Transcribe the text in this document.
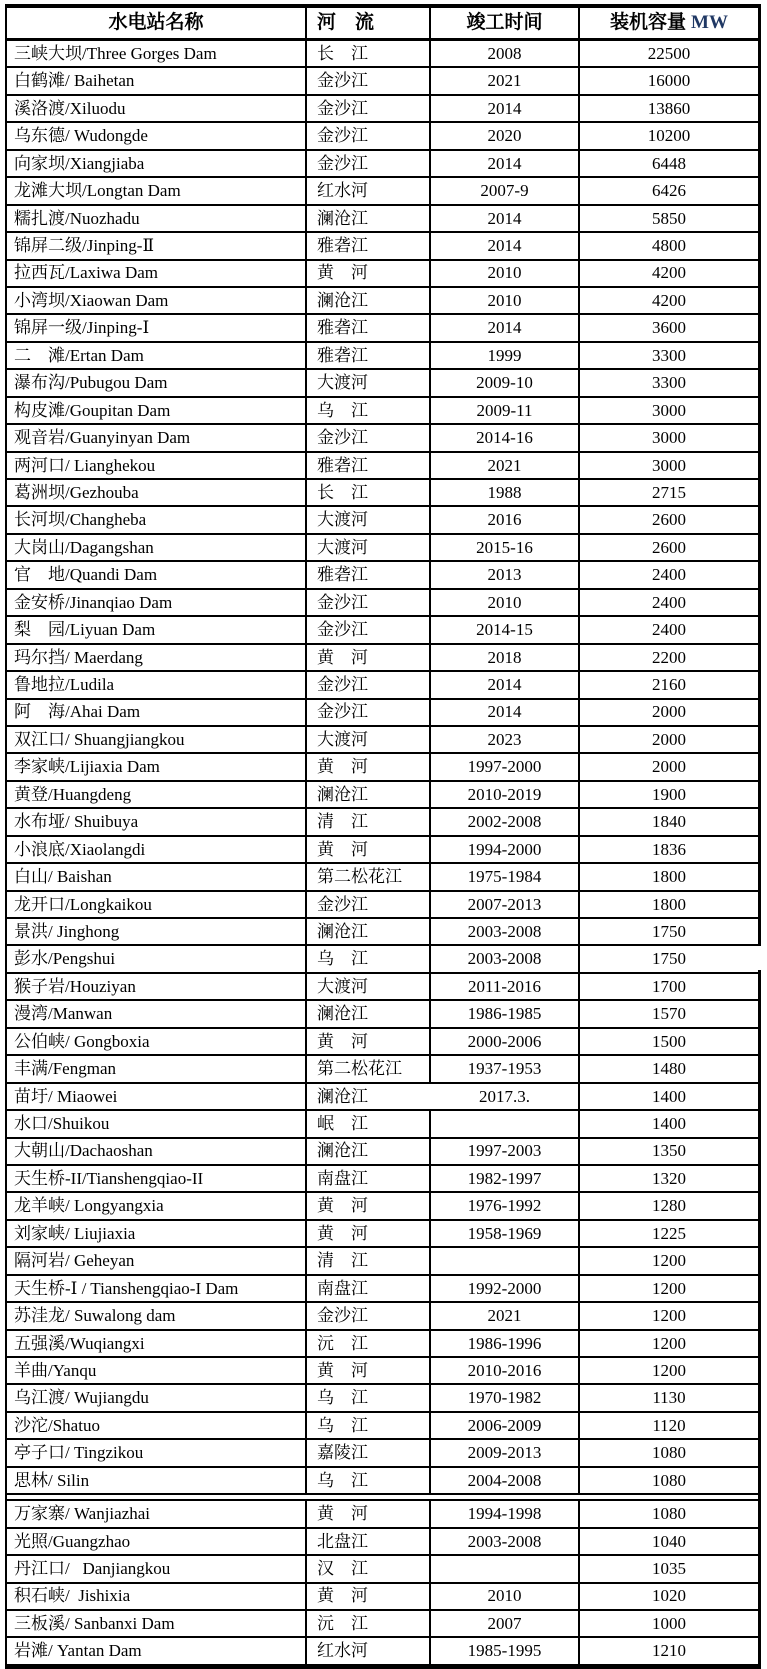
水电站名称	河　流	竣工时间	装机容量 MW
三峡大坝/Three Gorges Dam	长　江	2008	22500
白鹤滩/ Baihetan	金沙江	2021	16000
溪洛渡/Xiluodu	金沙江	2014	13860
乌东德/ Wudongde	金沙江	2020	10200
向家坝/Xiangjiaba	金沙江	2014	6448
龙滩大坝/Longtan Dam	红水河	2007-9	6426
糯扎渡/Nuozhadu	澜沧江	2014	5850
锦屏二级/Jinping-Ⅱ	雅砻江	2014	4800
拉西瓦/Laxiwa Dam	黄　河	2010	4200
小湾坝/Xiaowan Dam	澜沧江	2010	4200
锦屏一级/Jinping-Ⅰ	雅砻江	2014	3600
二　滩/Ertan Dam	雅砻江	1999	3300
瀑布沟/Pubugou Dam	大渡河	2009-10	3300
构皮滩/Goupitan Dam	乌　江	2009-11	3000
观音岩/Guanyinyan Dam	金沙江	2014-16	3000
两河口/ Lianghekou	雅砻江	2021	3000
葛洲坝/Gezhouba	长　江	1988	2715
长河坝/Changheba	大渡河	2016	2600
大岗山/Dagangshan	大渡河	2015-16	2600
官　地/Quandi Dam	雅砻江	2013	2400
金安桥/Jinanqiao Dam	金沙江	2010	2400
梨　园/Liyuan Dam	金沙江	2014-15	2400
玛尔挡/ Maerdang	黄　河	2018	2200
鲁地拉/Ludila	金沙江	2014	2160
阿　海/Ahai Dam	金沙江	2014	2000
双江口/ Shuangjiangkou	大渡河	2023	2000
李家峡/Lijiaxia Dam	黄　河	1997-2000	2000
黄登/Huangdeng	澜沧江	2010-2019	1900
水布垭/ Shuibuya	清　江	2002-2008	1840
小浪底/Xiaolangdi	黄　河	1994-2000	1836
白山/ Baishan	第二松花江	1975-1984	1800
龙开口/Longkaikou	金沙江	2007-2013	1800
景洪/ Jinghong	澜沧江	2003-2008	1750
彭水/Pengshui	乌　江	2003-2008	1750
猴子岩/Houziyan	大渡河	2011-2016	1700
漫湾/Manwan	澜沧江	1986-1985	1570
公伯峡/ Gongboxia	黄　河	2000-2006	1500
丰满/Fengman	第二松花江	1937-1953	1480
苗圩/ Miaowei	澜沧江	2017.3.	1400
水口/Shuikou	岷　江		1400
大朝山/Dachaoshan	澜沧江	1997-2003	1350
天生桥-II/Tianshengqiao-II	南盘江	1982-1997	1320
龙羊峡/ Longyangxia	黄　河	1976-1992	1280
刘家峡/ Liujiaxia	黄　河	1958-1969	1225
隔河岩/ Geheyan	清　江		1200
天生桥-Ⅰ / Tianshengqiao-I Dam	南盘江	1992-2000	1200
苏洼龙/ Suwalong dam	金沙江	2021	1200
五强溪/Wuqiangxi	沅　江	1986-1996	1200
羊曲/Yanqu	黄　河	2010-2016	1200
乌江渡/ Wujiangdu	乌　江	1970-1982	1130
沙沱/Shatuo	乌　江	2006-2009	1120
亭子口/ Tingzikou	嘉陵江	2009-2013	1080
思林/ Silin	乌　江	2004-2008	1080
万家寨/ Wanjiazhai	黄　河	1994-1998	1080
光照/Guangzhao	北盘江	2003-2008	1040
丹江口/   Danjiangkou	汉　江		1035
积石峡/  Jishixia	黄　河	2010	1020
三板溪/ Sanbanxi Dam	沅　江	2007	1000
岩滩/ Yantan Dam	红水河	1985-1995	1210
